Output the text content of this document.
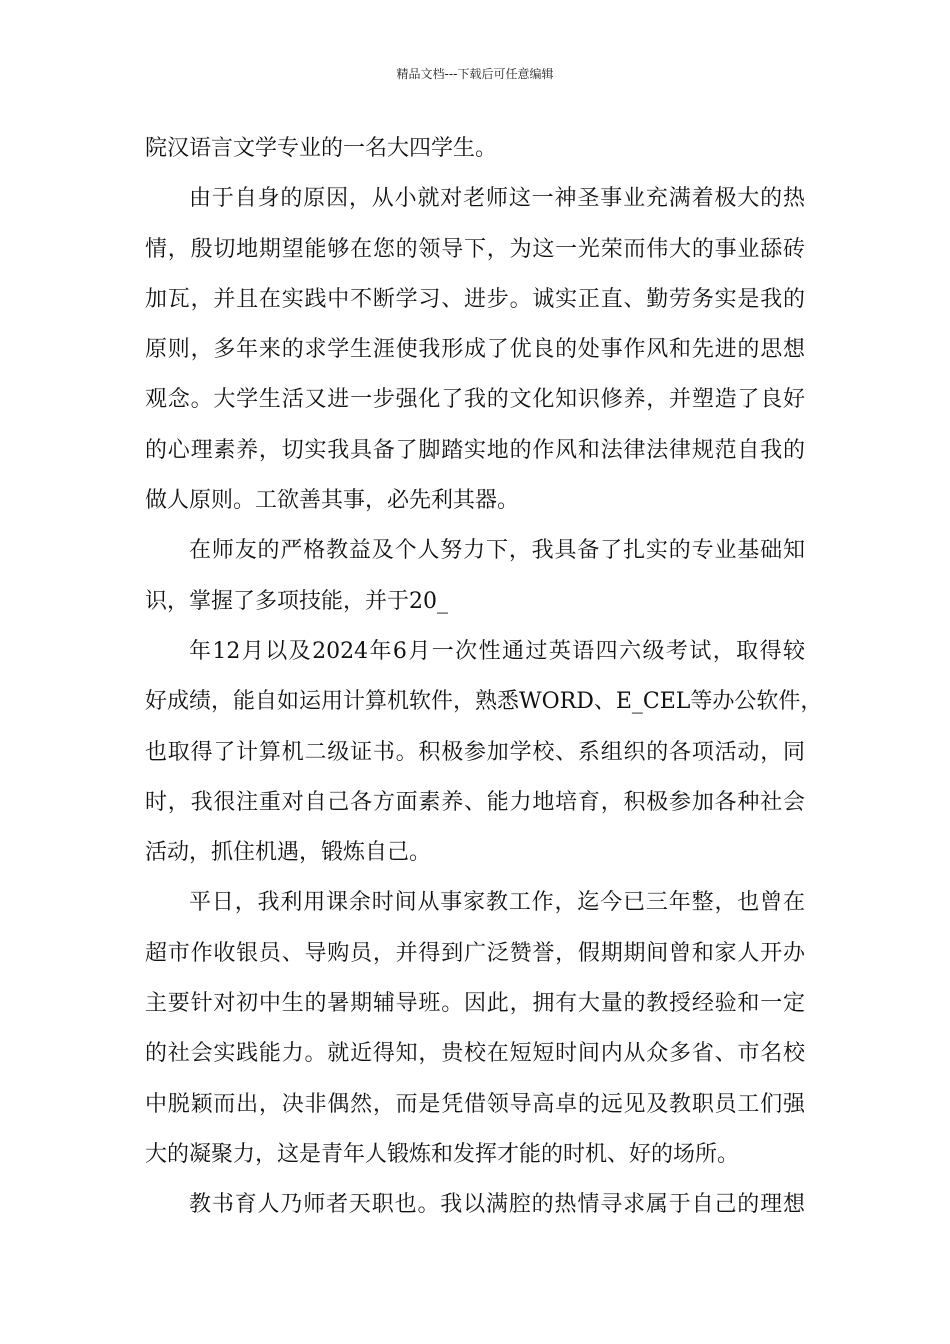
精品文档---下载后可任意编辑
院汉语言文学专业的一名大四学生。
由于自身的原因，从小就对老师这一神圣事业充满着极大的热
情，殷切地期望能够在您的领导下，为这一光荣而伟大的事业舔砖
加瓦，并且在实践中不断学习、进步。诚实正直、勤劳务实是我的
原则，多年来的求学生涯使我形成了优良的处事作风和先进的思想
观念。大学生活又进一步强化了我的文化知识修养，并塑造了良好
的心理素养，切实我具备了脚踏实地的作风和法律法律规范自我的
做人原则。工欲善其事，必先利其器。
在师友的严格教益及个人努力下，我具备了扎实的专业基础知
识，掌握了多项技能，并于20_
年12月以及2024年6月一次性通过英语四六级考试，取得较
好成绩，能自如运用计算机软件，熟悉WORD、E_CEL等办公软件，
也取得了计算机二级证书。积极参加学校、系组织的各项活动，同
时，我很注重对自己各方面素养、能力地培育，积极参加各种社会
活动，抓住机遇，锻炼自己。
平日，我利用课余时间从事家教工作，迄今已三年整，也曾在
超市作收银员、导购员，并得到广泛赞誉，假期期间曾和家人开办
主要针对初中生的暑期辅导班。因此，拥有大量的教授经验和一定
的社会实践能力。就近得知，贵校在短短时间内从众多省、市名校
中脱颖而出，决非偶然，而是凭借领导高卓的远见及教职员工们强
大的凝聚力，这是青年人锻炼和发挥才能的时机、好的场所。
教书育人乃师者天职也。我以满腔的热情寻求属于自己的理想
